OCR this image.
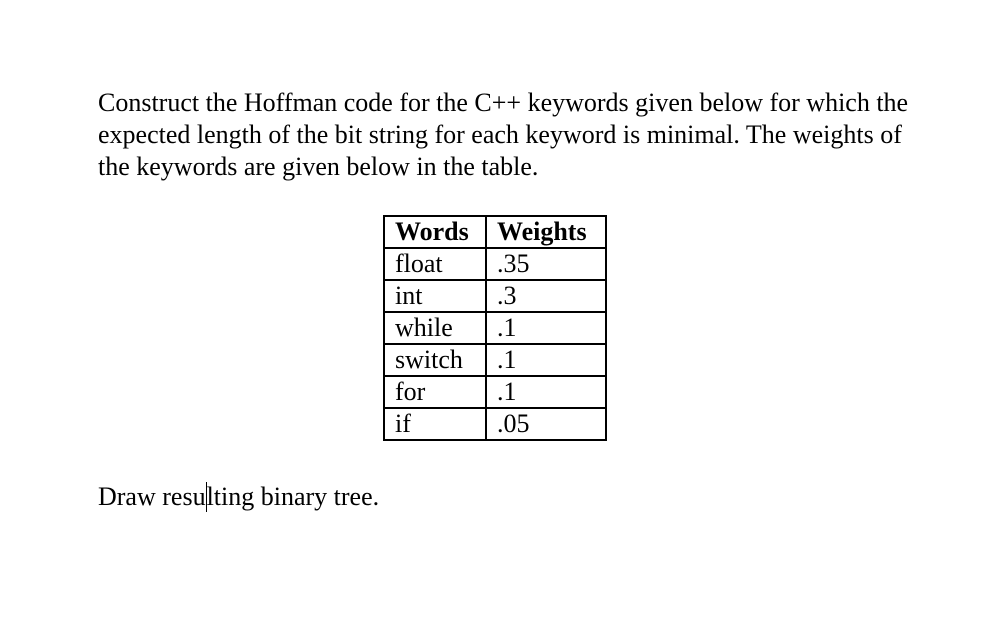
Construct the Hoffman code for the C++ keywords given below for which the
expected length of the bit string for each keyword is minimal. The weights of
the keywords are given below in the table.

Words	Weights
float	.35
int	.3
while	.1
switch	.1
for	.1
if	.05

Draw resulting binary tree.
